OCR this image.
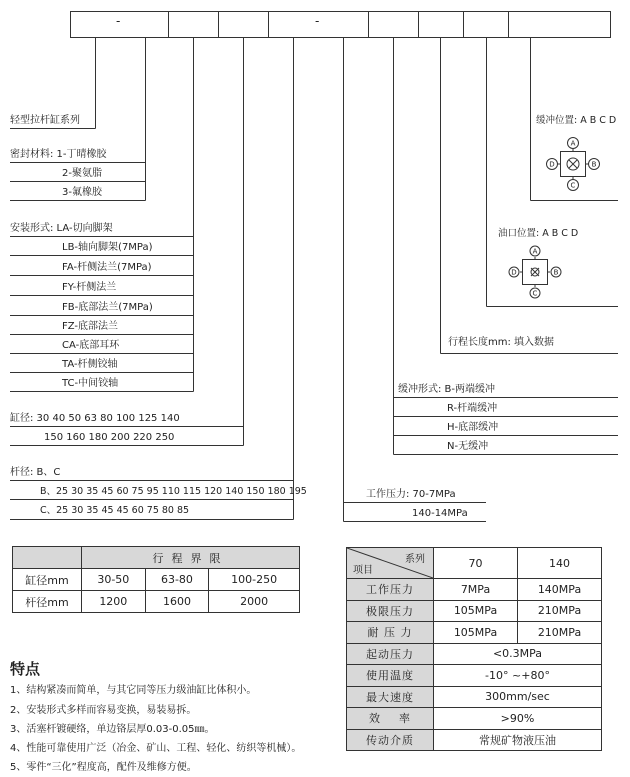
A
C
D	B
A
C
D	B
-	-
轻型拉杆缸系列
密封材料: 1-丁晴橡胶
2-聚氨脂
3-氟橡胶
安装形式: LA-切向脚架
LB-轴向脚架(7MPa)
FA-杆侧法兰(7MPa)
FY-杆侧法兰
FB-底部法兰(7MPa)
FZ-底部法兰
CA-底部耳环
TA-杆侧铰轴
TC-中间铰轴
缸径: 30 40 50 63 80 100 125 140
150 160 180 200 220 250
杆径: B、C
B、25 30 35 45 60 75 95 110 115 120 140 150 180 195
C、25 30 35 45 45 60 75 80 85
缓冲位置: A B C D
油口位置: A B C D
行程长度mm: 填入数据
缓冲形式: B-两端缓冲
R-杆端缓冲
H-底部缓冲
N-无缓冲
工作压力: 70-7MPa
140-14MPa
	行程界限		
缸径mm	30-50	63-80	100-250
杆径mm	1200	1600	2000
系列
项目	70	140
工作压力	7MPa	140MPa
极限压力	105MPa	210MPa
耐 压 力	105MPa	210MPa
起动压力	<0.3MPa	
使用温度	-10° ~+80°	
最大速度	300mm/sec	
效    率	>90%	
传动介质	常规矿物液压油	
特点
1、结构紧凑而简单，与其它同等压力级油缸比体积小。
2、安装形式多样而容易变换，易装易拆。
3、活塞杆镀硬络，单边铬层厚0.03-0.05㎜。
4、性能可靠使用广泛（冶金、矿山、工程、轻化、纺织等机械）。
5、零件“三化”程度高，配件及维修方便。
